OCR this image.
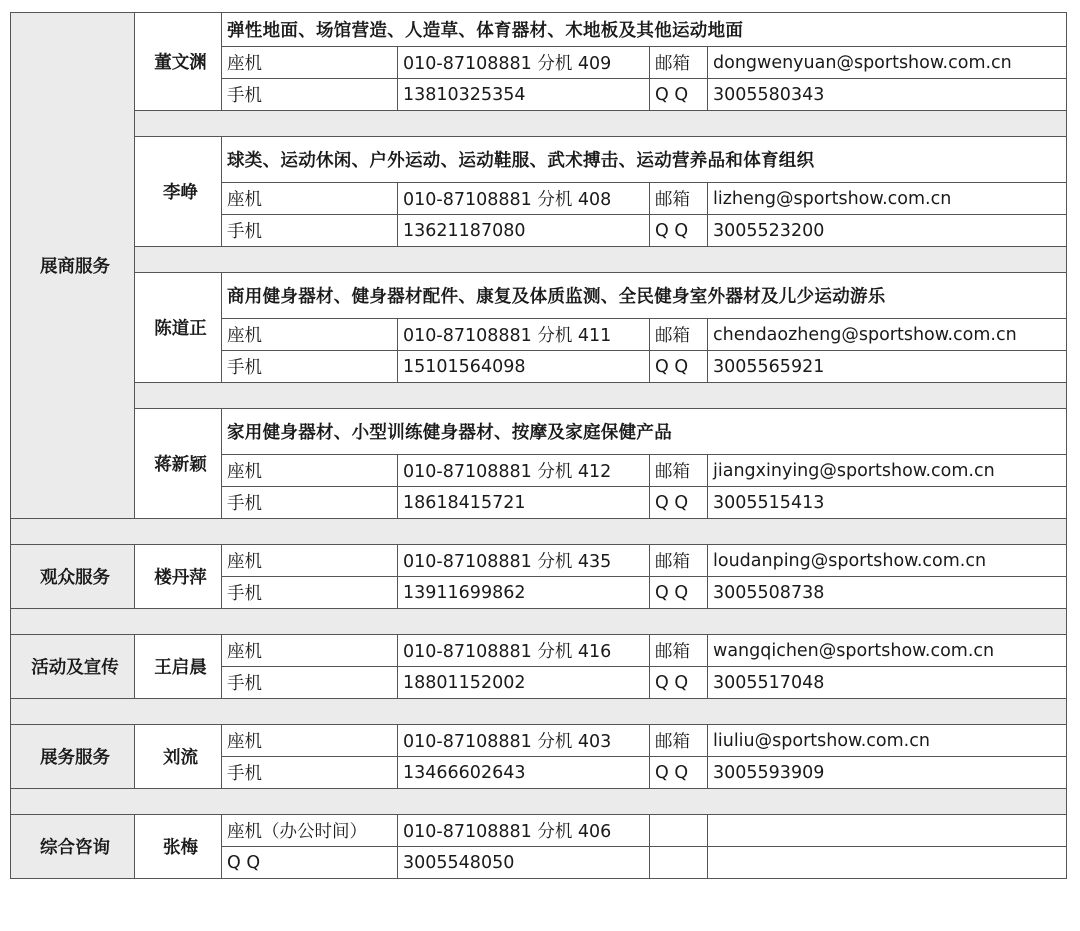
展商服务	董文渊	弹性地面、场馆营造、人造草、体育器材、木地板及其他运动地面			
		座机	010-87108881 分机 409	邮箱	dongwenyuan@sportshow.com.cn
		手机	13810325354	Q Q	3005580343

	李峥	球类、运动休闲、户外运动、运动鞋服、武术搏击、运动营养品和体育组织			
		座机	010-87108881 分机 408	邮箱	lizheng@sportshow.com.cn
		手机	13621187080	Q Q	3005523200

	陈道正	商用健身器材、健身器材配件、康复及体质监测、全民健身室外器材及儿少运动游乐			
		座机	010-87108881 分机 411	邮箱	chendaozheng@sportshow.com.cn
		手机	15101564098	Q Q	3005565921

	蒋新颖	家用健身器材、小型训练健身器材、按摩及家庭保健产品			
		座机	010-87108881 分机 412	邮箱	jiangxinying@sportshow.com.cn
		手机	18618415721	Q Q	3005515413

观众服务	楼丹萍	座机	010-87108881 分机 435	邮箱	loudanping@sportshow.com.cn
		手机	13911699862	Q Q	3005508738

活动及宣传	王启晨	座机	010-87108881 分机 416	邮箱	wangqichen@sportshow.com.cn
		手机	18801152002	Q Q	3005517048

展务服务	刘流	座机	010-87108881 分机 403	邮箱	liuliu@sportshow.com.cn
		手机	13466602643	Q Q	3005593909

综合咨询	张梅	座机（办公时间）	010-87108881 分机 406		
		Q Q	3005548050		
